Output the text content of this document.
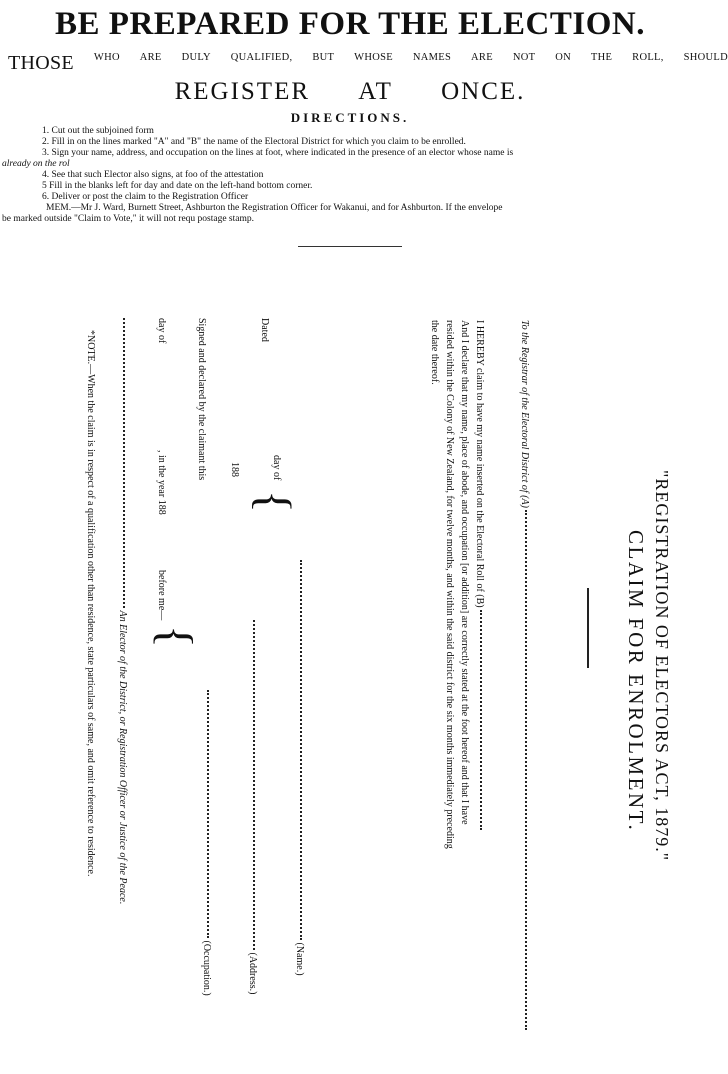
BE PREPARED FOR THE ELECTION.
THOSE WHO ARE DULY QUALIFIED, BUT WHOSE NAMES ARE NOT ON THE ROLL, SHOULD
REGISTER AT ONCE.
DIRECTIONS.
1. Cut out the subjoined form
2. Fill in on the lines marked "A" and "B" the name of the Electoral District for which you claim to be enrolled.
3. Sign your name, address, and occupation on the lines at foot, where indicated in the presence of an elector whose name is
already on the rol
4. See that such Elector also signs, at foo of the attestation
5 Fill in the blanks left for day and date on the left-hand bottom corner.
6. Deliver or post the claim to the Registration Officer
MEM.—Mr J. Ward, Burnett Street, Ashburton the Registration Officer for Wakanui, and for Ashburton. If the envelope
be marked outside "Claim to Vote," it will not requ postage stamp.
"REGISTRATION OF ELECTORS ACT, 1879."
CLAIM FOR ENROLMENT.
To the Registrar of the Electoral District of (A)
I HEREBY claim to have my name inserted on the Electoral Roll of (B)
And I declare that my name, place of abode, and occupation [or addition] are correctly stated at the foot hereof and that I have
resided within the Colony of New Zealand, for twelve months, and within the said district for the six months immediately preceding
the date thereof.
(Name.)
(Address.)
(Occupation.)
Dated
day of
188
}
Signed and declared by the claimant this
day of
, in the year 188
before me—
{
An Elector of the District, or Registration Officer or Justice of the Peace.
*NOTE.—When the claim is in respect of a qualification other than residence, state particulars of same, and omit reference to residence.
